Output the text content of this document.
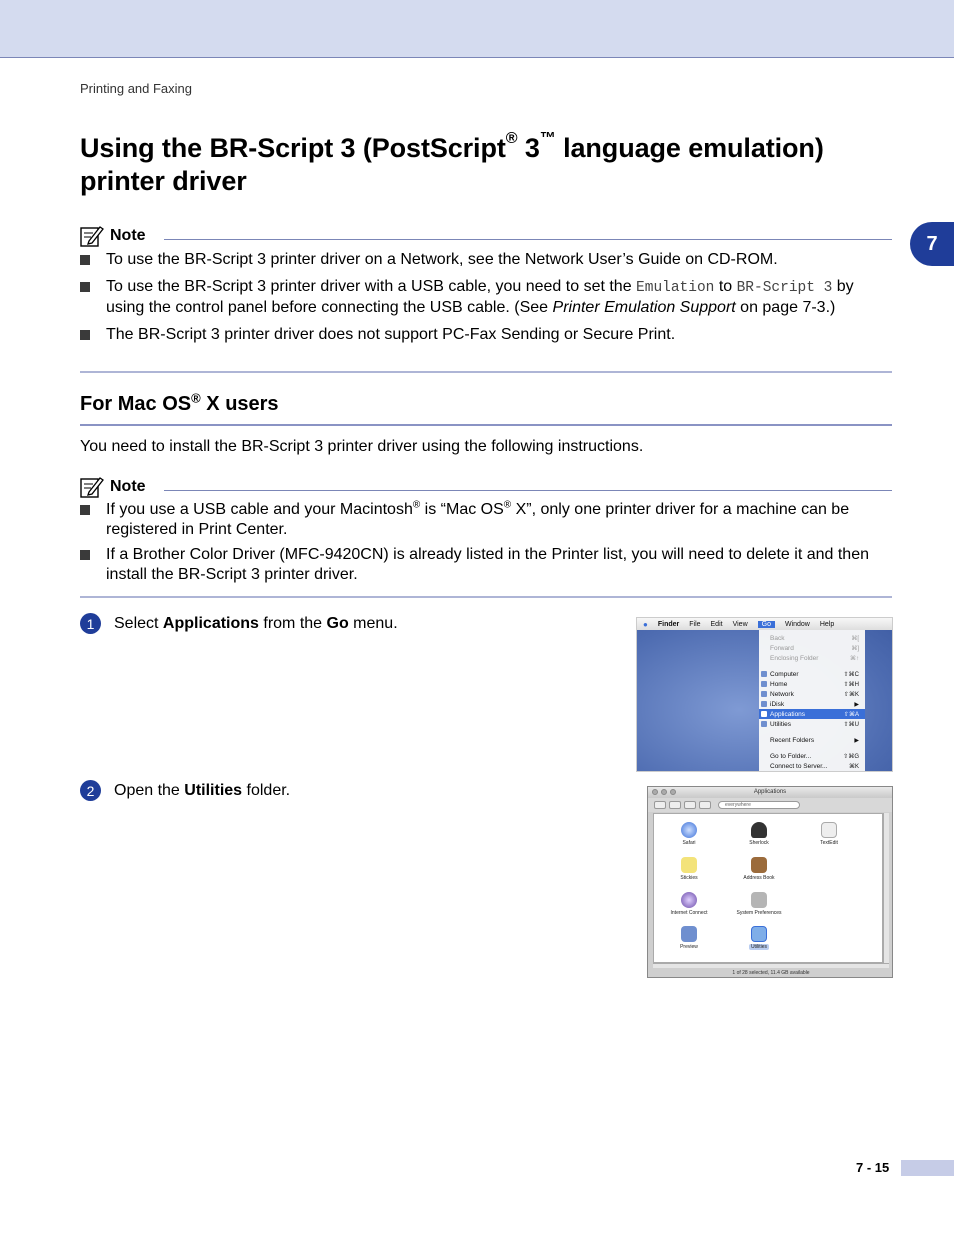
Printing and Faxing
7
Using the BR-Script 3 (PostScript® 3™ language emulation) printer driver
Note
To use the BR-Script 3 printer driver on a Network, see the Network User’s Guide on CD-ROM.
To use the BR-Script 3 printer driver with a USB cable, you need to set the Emulation to BR-Script 3 by using the control panel before connecting the USB cable. (See Printer Emulation Support on page 7-3.)
The BR-Script 3 printer driver does not support PC-Fax Sending or Secure Print.
For Mac OS® X users

You need to install the BR-Script 3 printer driver using the following instructions.

Note
If you use a USB cable and your Macintosh® is “Mac OS® X”, only one printer driver for a machine can be registered in Print Center.
If a Brother Color Driver (MFC-9420CN) is already listed in the Printer list, you will need to delete it and then install the BR-Script 3 printer driver.
1	Select Applications from the Go menu.
2	Open the Utilities folder.
● Finder File Edit View	Go	Window Help
Back	⌘[
Forward	⌘]
Enclosing Folder	⌘↑
Computer	⇧⌘C
Home	⇧⌘H
Network	⇧⌘K
iDisk	▶
Applications	⇧⌘A
Utilities	⇧⌘U
Recent Folders	▶
Go to Folder...	⇧⌘G
Connect to Server...	⌘K
Applications
everywhere
Safari	Sherlock	TextEdit
Stickies	Address Book
Internet Connect	System Preferences
Preview	Utilities
1 of 28 selected, 11.4 GB available
7 - 15
